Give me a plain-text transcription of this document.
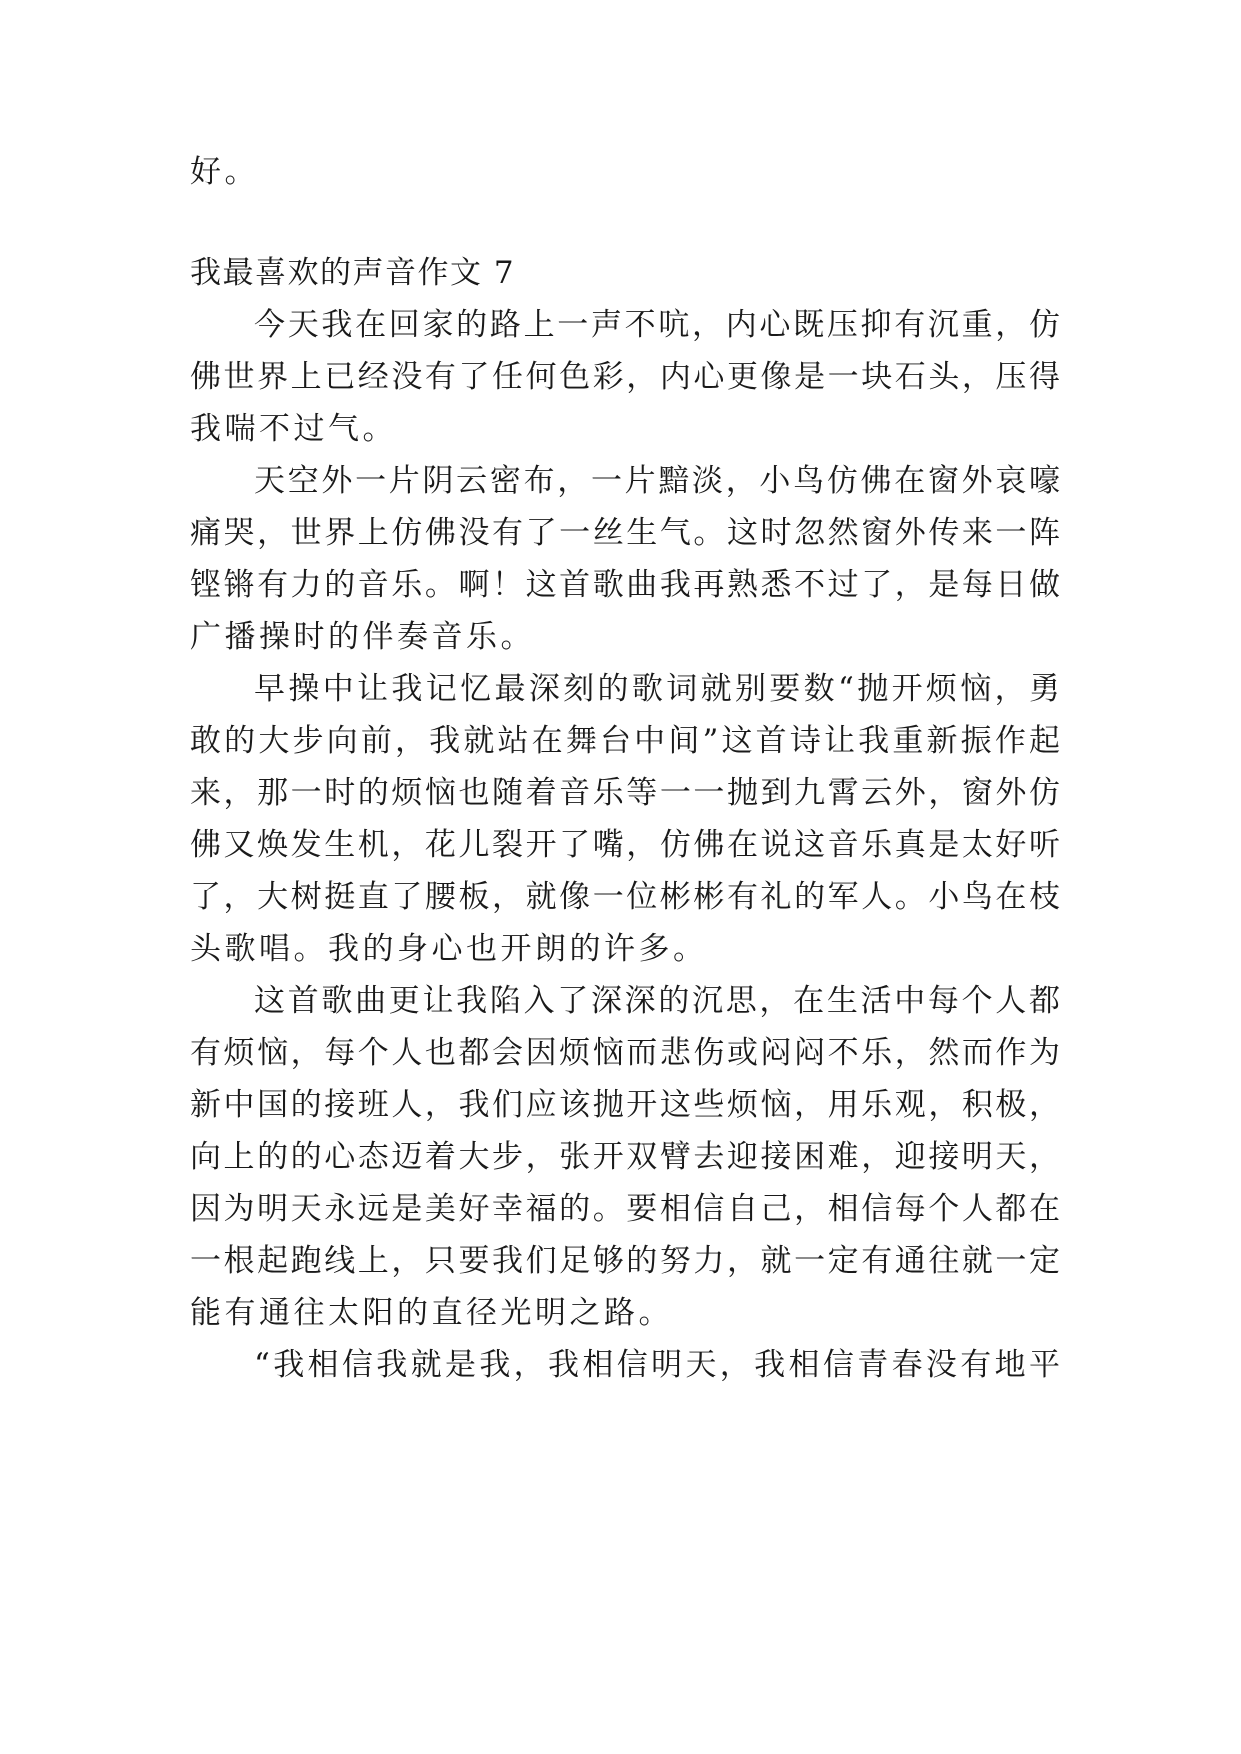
好。
我最喜欢的声音作文 7
今天我在回家的路上一声不吭，内心既压抑有沉重，仿
佛世界上已经没有了任何色彩，内心更像是一块石头，压得
我喘不过气。
天空外一片阴云密布，一片黯淡，小鸟仿佛在窗外哀嚎
痛哭，世界上仿佛没有了一丝生气。这时忽然窗外传来一阵
铿锵有力的音乐。啊！这首歌曲我再熟悉不过了，是每日做
广播操时的伴奏音乐。
早操中让我记忆最深刻的歌词就别要数“抛开烦恼，勇
敢的大步向前，我就站在舞台中间”这首诗让我重新振作起
来，那一时的烦恼也随着音乐等一一抛到九霄云外，窗外仿
佛又焕发生机，花儿裂开了嘴，仿佛在说这音乐真是太好听
了，大树挺直了腰板，就像一位彬彬有礼的军人。小鸟在枝
头歌唱。我的身心也开朗的许多。
这首歌曲更让我陷入了深深的沉思，在生活中每个人都
有烦恼，每个人也都会因烦恼而悲伤或闷闷不乐，然而作为
新中国的接班人，我们应该抛开这些烦恼，用乐观，积极，
向上的的心态迈着大步，张开双臂去迎接困难，迎接明天，
因为明天永远是美好幸福的。要相信自己，相信每个人都在
一根起跑线上，只要我们足够的努力，就一定有通往就一定
能有通往太阳的直径光明之路。
“我相信我就是我，我相信明天，我相信青春没有地平
